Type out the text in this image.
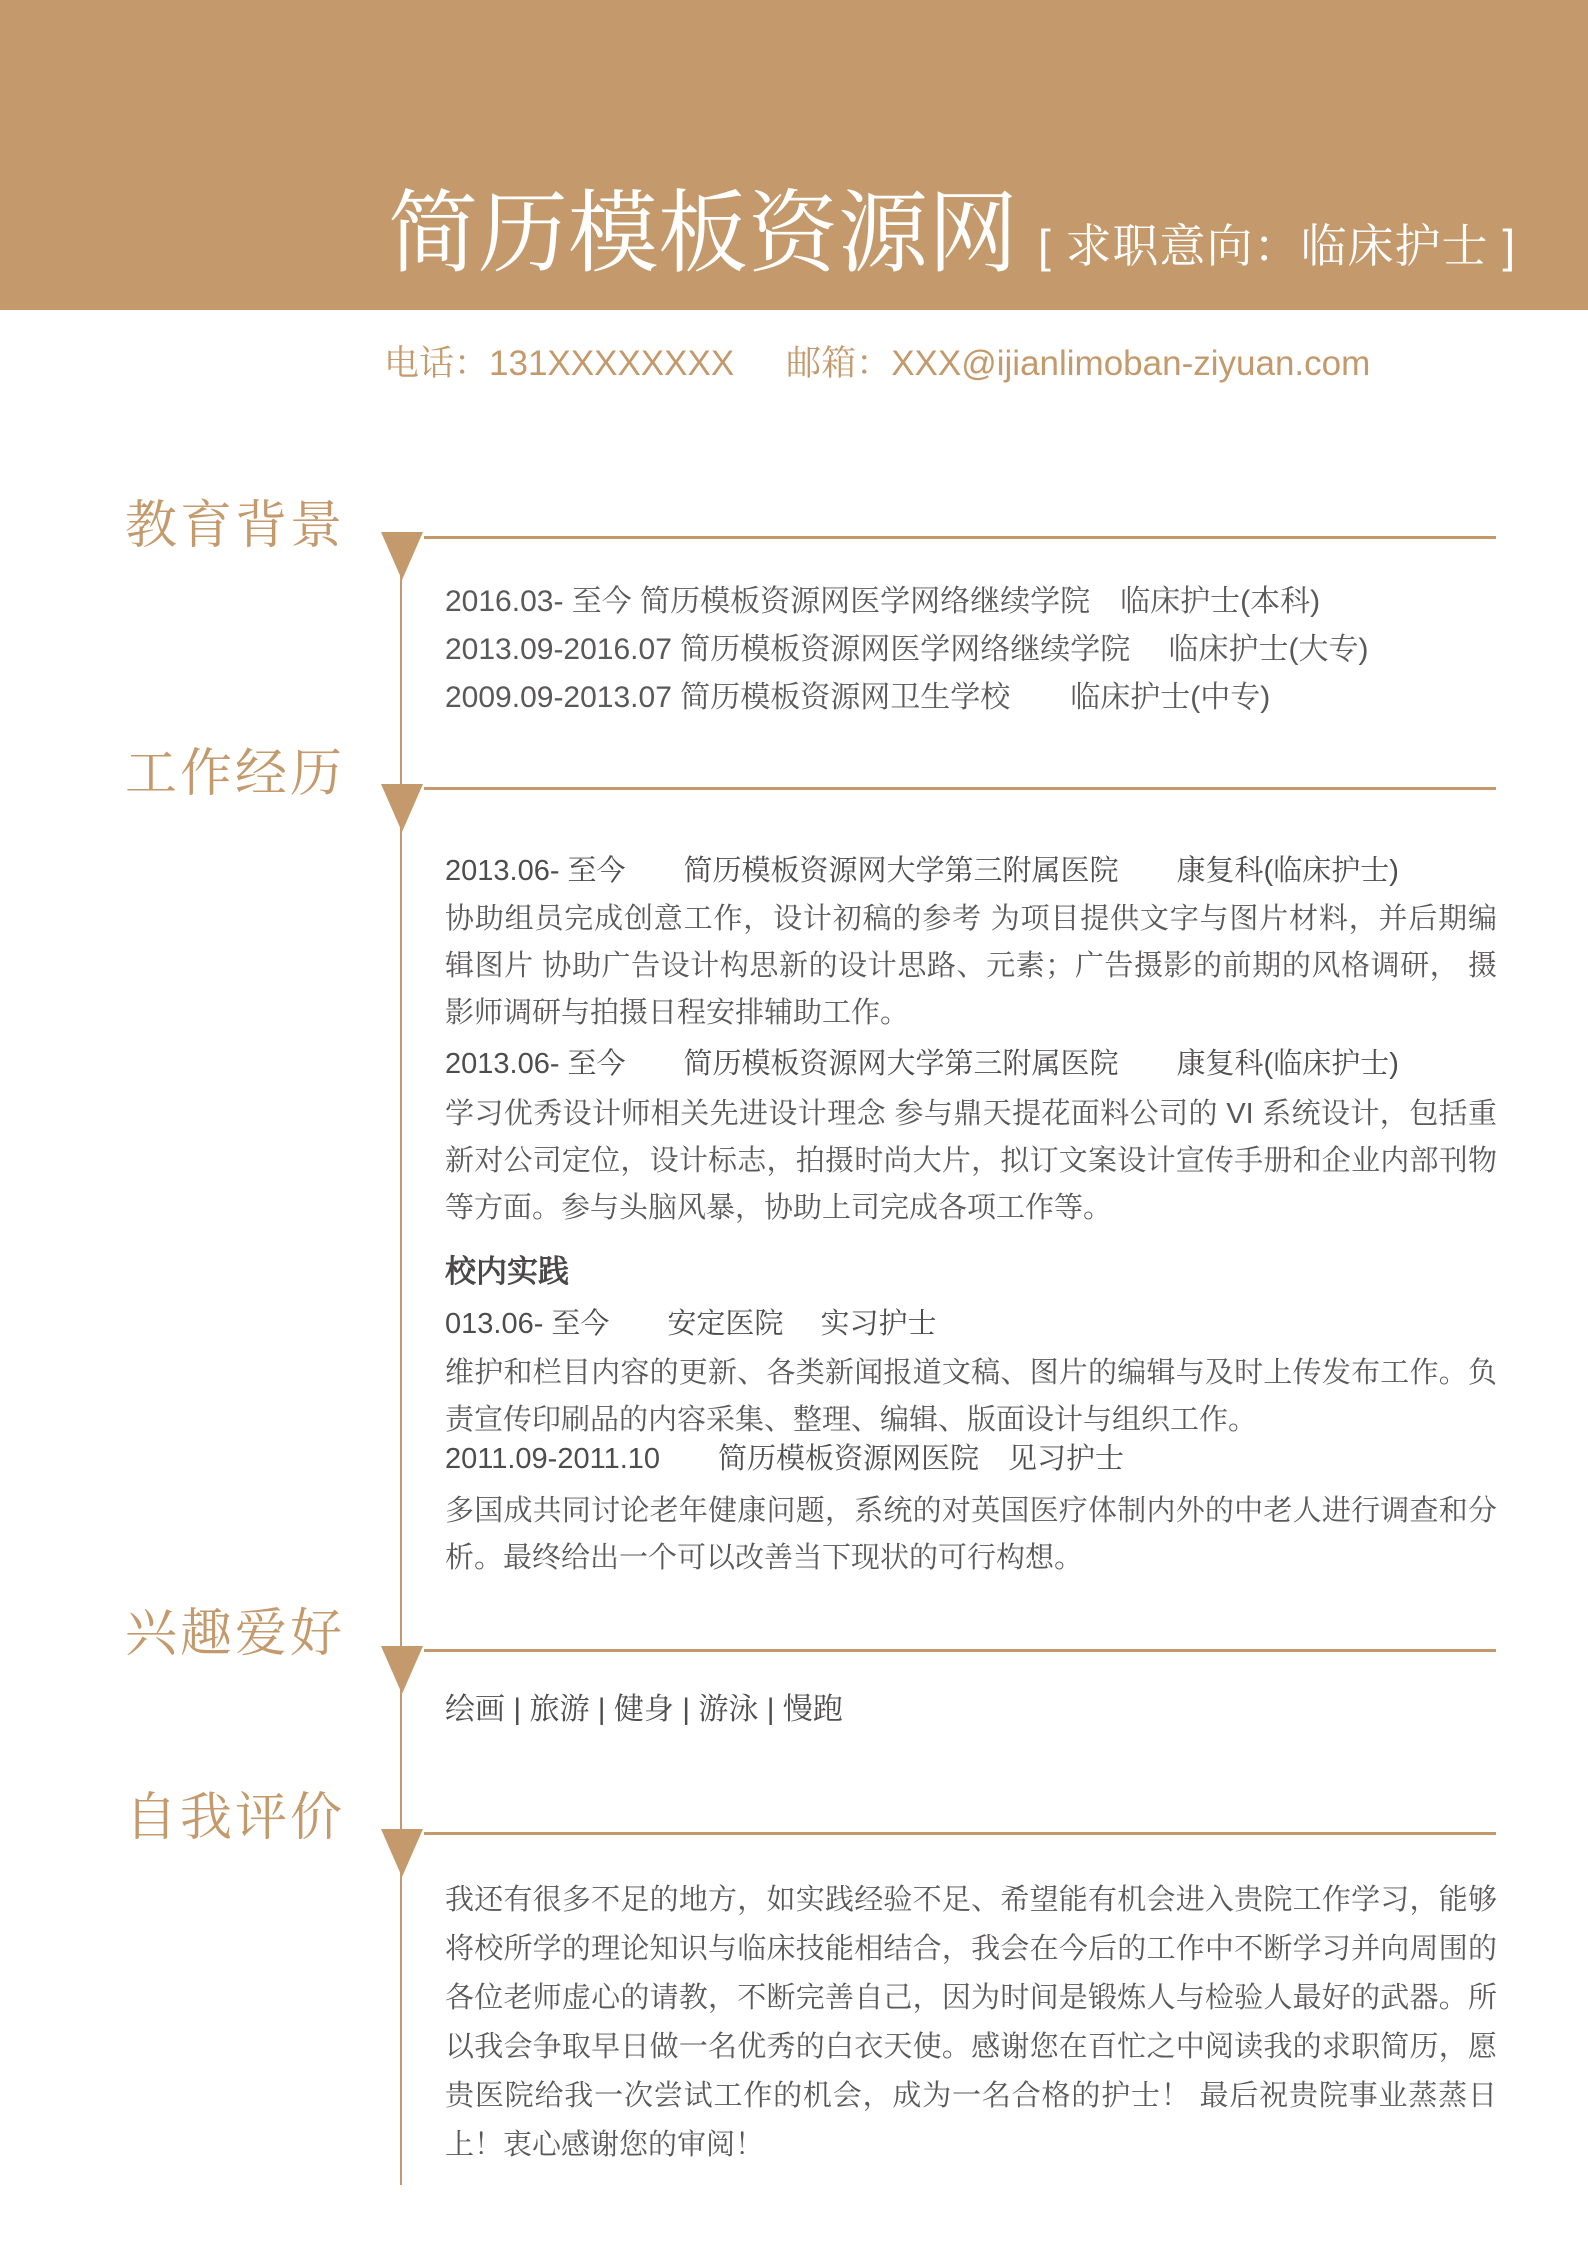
简历模板资源网 [ 求职意向：临床护士 ]
电话：131XXXXXXXX 邮箱：XXX@ijianlimoban-ziyuan.com
教育背景
2016.03- 至今 简历模板资源网医学网络继续学院　临床护士(本科)
2013.09-2016.07 简历模板资源网医学网络继续学院　 临床护士(大专)
2009.09-2013.07 简历模板资源网卫生学校　　临床护士(中专)
工作经历
2013.06- 至今　　简历模板资源网大学第三附属医院　　康复科(临床护士)
协助组员完成创意工作，设计初稿的参考 为项目提供文字与图片材料，并后期编辑图片 协助广告设计构思新的设计思路、元素；广告摄影的前期的风格调研， 摄影师调研与拍摄日程安排辅助工作。
2013.06- 至今　　简历模板资源网大学第三附属医院　　康复科(临床护士)
学习优秀设计师相关先进设计理念 参与鼎天提花面料公司的 VI 系统设计，包括重新对公司定位，设计标志，拍摄时尚大片，拟订文案设计宣传手册和企业内部刊物等方面。参与头脑风暴，协助上司完成各项工作等。
校内实践
013.06- 至今　　安定医院　 实习护士
维护和栏目内容的更新、各类新闻报道文稿、图片的编辑与及时上传发布工作。负责宣传印刷品的内容采集、整理、编辑、版面设计与组织工作。
2011.09-2011.10　　简历模板资源网医院　见习护士
多国成共同讨论老年健康问题，系统的对英国医疗体制内外的中老人进行调查和分析。最终给出一个可以改善当下现状的可行构想。
兴趣爱好
绘画 | 旅游 | 健身 | 游泳 | 慢跑
自我评价
我还有很多不足的地方，如实践经验不足、希望能有机会进入贵院工作学习，能够将校所学的理论知识与临床技能相结合，我会在今后的工作中不断学习并向周围的各位老师虚心的请教，不断完善自己，因为时间是锻炼人与检验人最好的武器。所以我会争取早日做一名优秀的白衣天使。感谢您在百忙之中阅读我的求职简历，愿贵医院给我一次尝试工作的机会，成为一名合格的护士！ 最后祝贵院事业蒸蒸日上！衷心感谢您的审阅！
